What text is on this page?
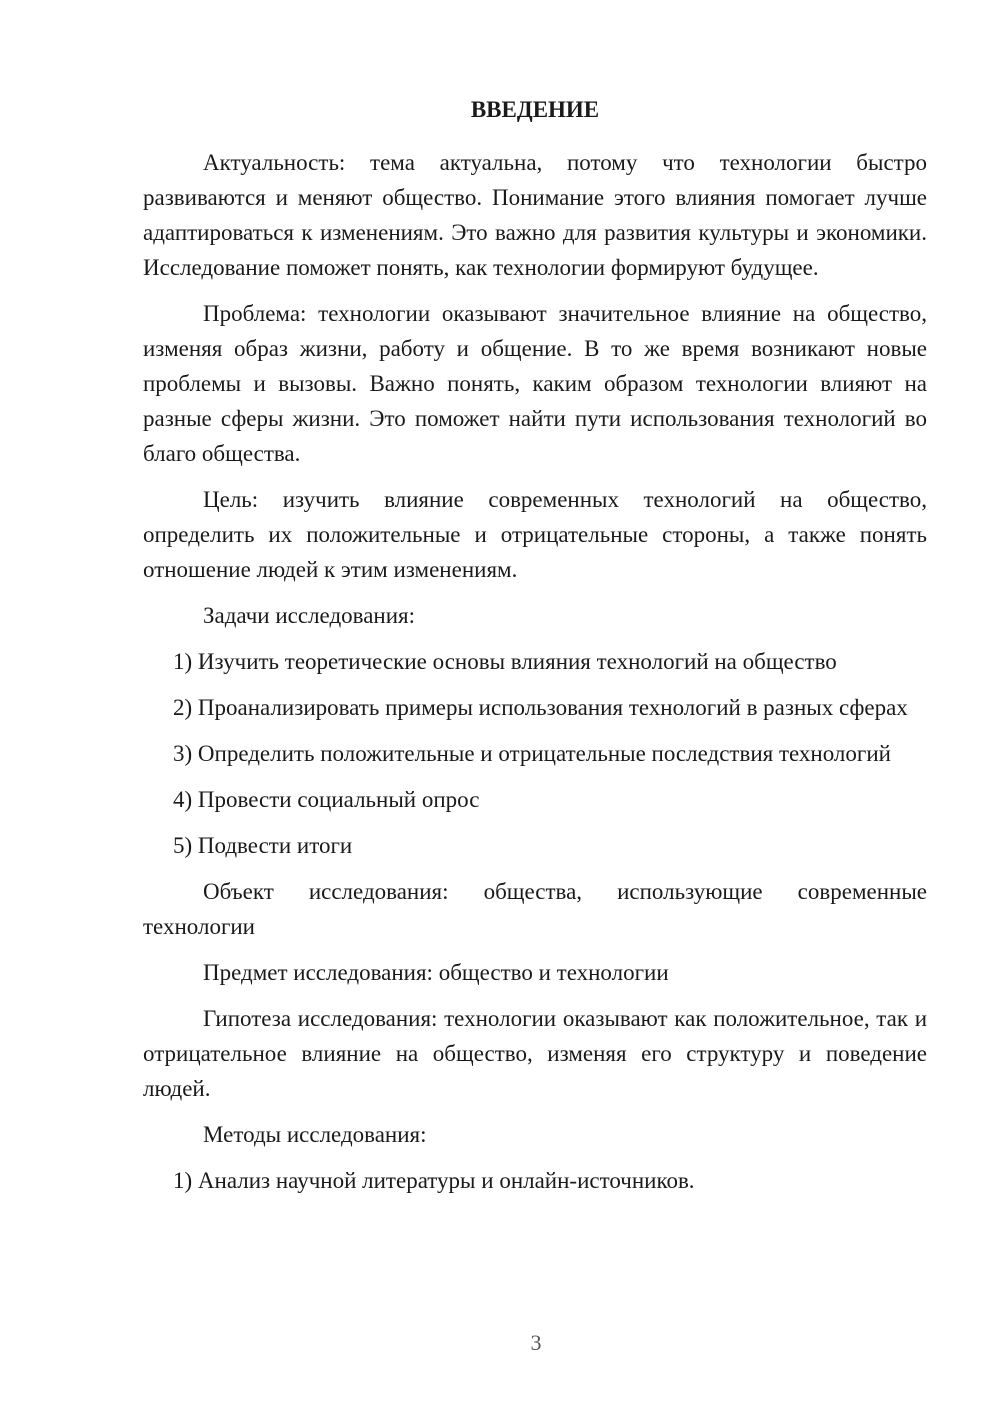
ВВЕДЕНИЕ

Актуальность: тема актуальна, потому что технологии быстро развиваются и меняют общество. Понимание этого влияния помогает лучше адаптироваться к изменениям. Это важно для развития культуры и экономики. Исследование поможет понять, как технологии формируют будущее.

Проблема: технологии оказывают значительное влияние на общество, изменяя образ жизни, работу и общение. В то же время возникают новые проблемы и вызовы. Важно понять, каким образом технологии влияют на разные сферы жизни. Это поможет найти пути использования технологий во благо общества.

Цель: изучить влияние современных технологий на общество, определить их положительные и отрицательные стороны, а также понять отношение людей к этим изменениям.

Задачи исследования:

1) Изучить теоретические основы влияния технологий на общество

2) Проанализировать примеры использования технологий в разных сферах

3) Определить положительные и отрицательные последствия технологий

4) Провести социальный опрос

5) Подвести итоги

Объект исследования: общества, использующие современные технологии

Предмет исследования: общество и технологии

Гипотеза исследования: технологии оказывают как положительное, так и отрицательное влияние на общество, изменяя его структуру и поведение людей.

Методы исследования:

1) Анализ научной литературы и онлайн-источников.

3
